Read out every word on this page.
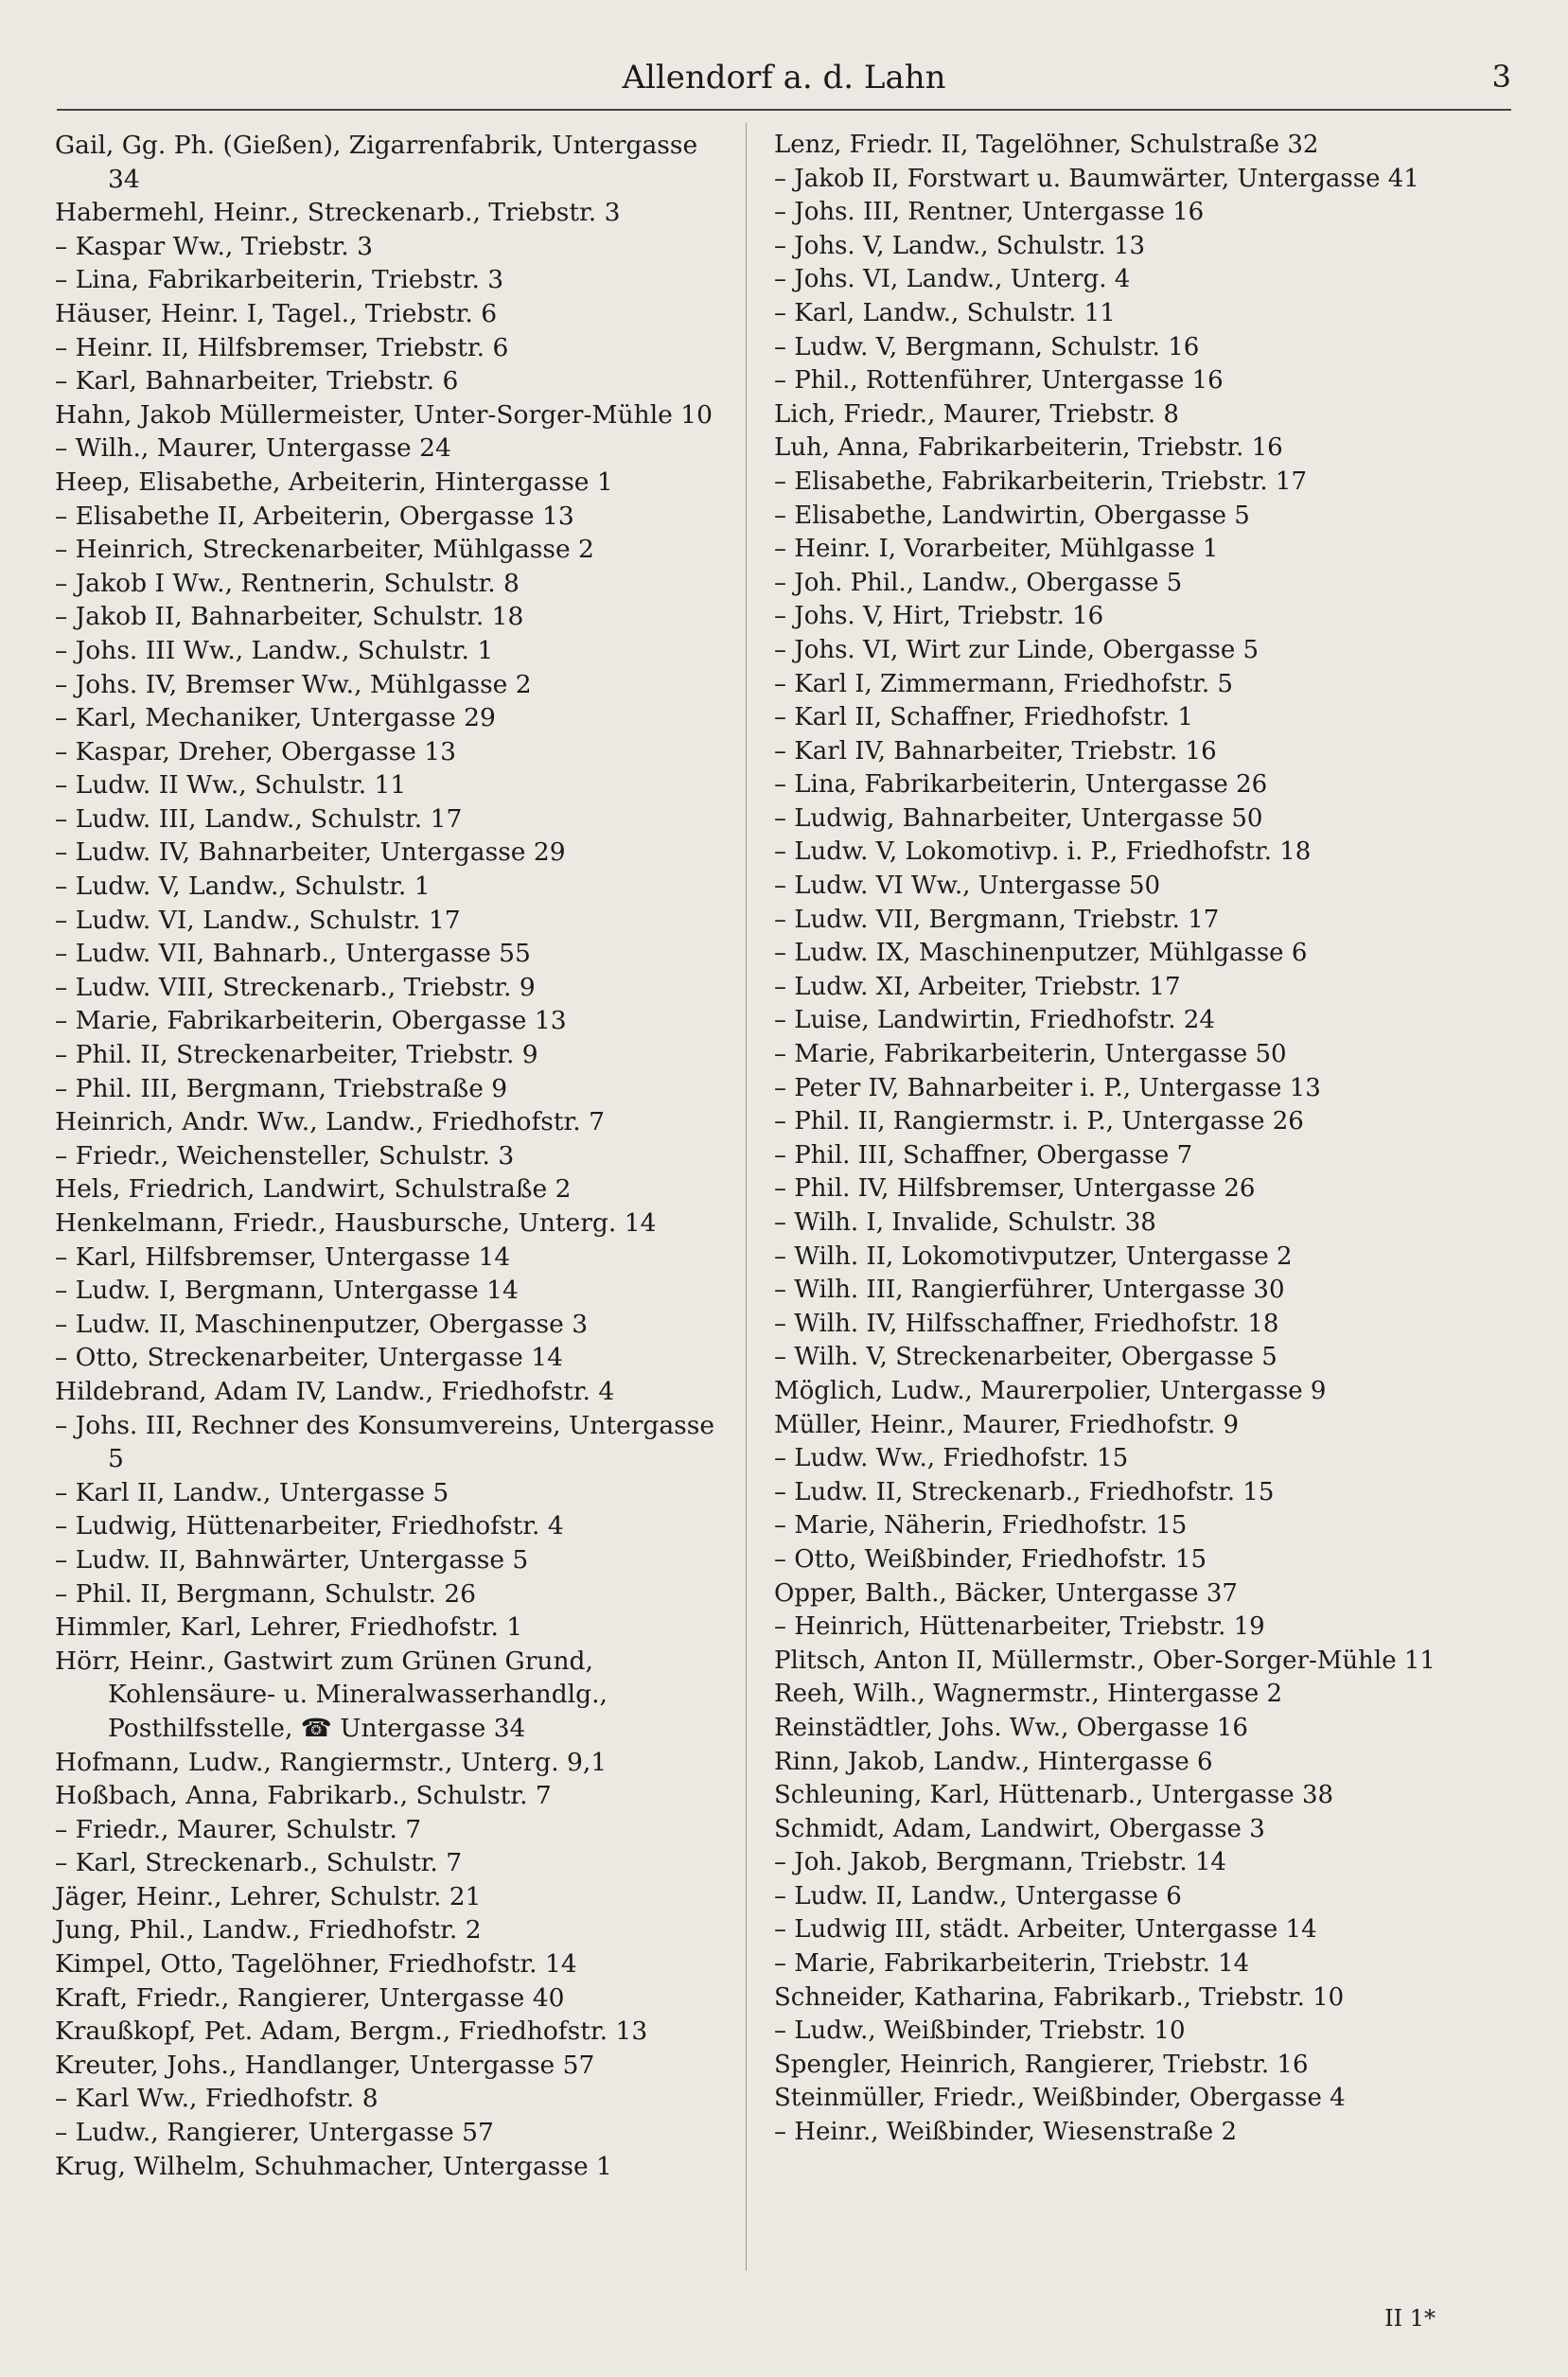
Allendorf a. d. Lahn	3
Gail, Gg. Ph. (Gießen), Zigarrenfabrik, Untergasse 34
Habermehl, Heinr., Streckenarb., Triebstr. 3
– Kaspar Ww., Triebstr. 3
– Lina, Fabrikarbeiterin, Triebstr. 3
Häuser, Heinr. I, Tagel., Triebstr. 6
– Heinr. II, Hilfsbremser, Triebstr. 6
– Karl, Bahnarbeiter, Triebstr. 6
Hahn, Jakob Müllermeister, Unter-Sorger-Mühle 10
– Wilh., Maurer, Untergasse 24
Heep, Elisabethe, Arbeiterin, Hintergasse 1
– Elisabethe II, Arbeiterin, Obergasse 13
– Heinrich, Streckenarbeiter, Mühlgasse 2
– Jakob I Ww., Rentnerin, Schulstr. 8
– Jakob II, Bahnarbeiter, Schulstr. 18
– Johs. III Ww., Landw., Schulstr. 1
– Johs. IV, Bremser Ww., Mühlgasse 2
– Karl, Mechaniker, Untergasse 29
– Kaspar, Dreher, Obergasse 13
– Ludw. II Ww., Schulstr. 11
– Ludw. III, Landw., Schulstr. 17
– Ludw. IV, Bahnarbeiter, Untergasse 29
– Ludw. V, Landw., Schulstr. 1
– Ludw. VI, Landw., Schulstr. 17
– Ludw. VII, Bahnarb., Untergasse 55
– Ludw. VIII, Streckenarb., Triebstr. 9
– Marie, Fabrikarbeiterin, Obergasse 13
– Phil. II, Streckenarbeiter, Triebstr. 9
– Phil. III, Bergmann, Triebstraße 9
Heinrich, Andr. Ww., Landw., Friedhofstr. 7
– Friedr., Weichensteller, Schulstr. 3
Hels, Friedrich, Landwirt, Schulstraße 2
Henkelmann, Friedr., Hausbursche, Unterg. 14
– Karl, Hilfsbremser, Untergasse 14
– Ludw. I, Bergmann, Untergasse 14
– Ludw. II, Maschinenputzer, Obergasse 3
– Otto, Streckenarbeiter, Untergasse 14
Hildebrand, Adam IV, Landw., Friedhofstr. 4
– Johs. III, Rechner des Konsumvereins, Untergasse 5
– Karl II, Landw., Untergasse 5
– Ludwig, Hüttenarbeiter, Friedhofstr. 4
– Ludw. II, Bahnwärter, Untergasse 5
– Phil. II, Bergmann, Schulstr. 26
Himmler, Karl, Lehrer, Friedhofstr. 1
Hörr, Heinr., Gastwirt zum Grünen Grund, Kohlensäure- u. Mineralwasserhandlg., Posthilfsstelle, ☎ Untergasse 34
Hofmann, Ludw., Rangiermstr., Unterg. 9,1
Hoßbach, Anna, Fabrikarb., Schulstr. 7
– Friedr., Maurer, Schulstr. 7
– Karl, Streckenarb., Schulstr. 7
Jäger, Heinr., Lehrer, Schulstr. 21
Jung, Phil., Landw., Friedhofstr. 2
Kimpel, Otto, Tagelöhner, Friedhofstr. 14
Kraft, Friedr., Rangierer, Untergasse 40
Kraußkopf, Pet. Adam, Bergm., Friedhofstr. 13
Kreuter, Johs., Handlanger, Untergasse 57
– Karl Ww., Friedhofstr. 8
– Ludw., Rangierer, Untergasse 57
Krug, Wilhelm, Schuhmacher, Untergasse 1
Lenz, Friedr. II, Tagelöhner, Schulstraße 32
– Jakob II, Forstwart u. Baumwärter, Untergasse 41
– Johs. III, Rentner, Untergasse 16
– Johs. V, Landw., Schulstr. 13
– Johs. VI, Landw., Unterg. 4
– Karl, Landw., Schulstr. 11
– Ludw. V, Bergmann, Schulstr. 16
– Phil., Rottenführer, Untergasse 16
Lich, Friedr., Maurer, Triebstr. 8
Luh, Anna, Fabrikarbeiterin, Triebstr. 16
– Elisabethe, Fabrikarbeiterin, Triebstr. 17
– Elisabethe, Landwirtin, Obergasse 5
– Heinr. I, Vorarbeiter, Mühlgasse 1
– Joh. Phil., Landw., Obergasse 5
– Johs. V, Hirt, Triebstr. 16
– Johs. VI, Wirt zur Linde, Obergasse 5
– Karl I, Zimmermann, Friedhofstr. 5
– Karl II, Schaffner, Friedhofstr. 1
– Karl IV, Bahnarbeiter, Triebstr. 16
– Lina, Fabrikarbeiterin, Untergasse 26
– Ludwig, Bahnarbeiter, Untergasse 50
– Ludw. V, Lokomotivp. i. P., Friedhofstr. 18
– Ludw. VI Ww., Untergasse 50
– Ludw. VII, Bergmann, Triebstr. 17
– Ludw. IX, Maschinenputzer, Mühlgasse 6
– Ludw. XI, Arbeiter, Triebstr. 17
– Luise, Landwirtin, Friedhofstr. 24
– Marie, Fabrikarbeiterin, Untergasse 50
– Peter IV, Bahnarbeiter i. P., Untergasse 13
– Phil. II, Rangiermstr. i. P., Untergasse 26
– Phil. III, Schaffner, Obergasse 7
– Phil. IV, Hilfsbremser, Untergasse 26
– Wilh. I, Invalide, Schulstr. 38
– Wilh. II, Lokomotivputzer, Untergasse 2
– Wilh. III, Rangierführer, Untergasse 30
– Wilh. IV, Hilfsschaffner, Friedhofstr. 18
– Wilh. V, Streckenarbeiter, Obergasse 5
Möglich, Ludw., Maurerpolier, Untergasse 9
Müller, Heinr., Maurer, Friedhofstr. 9
– Ludw. Ww., Friedhofstr. 15
– Ludw. II, Streckenarb., Friedhofstr. 15
– Marie, Näherin, Friedhofstr. 15
– Otto, Weißbinder, Friedhofstr. 15
Opper, Balth., Bäcker, Untergasse 37
– Heinrich, Hüttenarbeiter, Triebstr. 19
Plitsch, Anton II, Müllermstr., Ober-Sorger-Mühle 11
Reeh, Wilh., Wagnermstr., Hintergasse 2
Reinstädtler, Johs. Ww., Obergasse 16
Rinn, Jakob, Landw., Hintergasse 6
Schleuning, Karl, Hüttenarb., Untergasse 38
Schmidt, Adam, Landwirt, Obergasse 3
– Joh. Jakob, Bergmann, Triebstr. 14
– Ludw. II, Landw., Untergasse 6
– Ludwig III, städt. Arbeiter, Untergasse 14
– Marie, Fabrikarbeiterin, Triebstr. 14
Schneider, Katharina, Fabrikarb., Triebstr. 10
– Ludw., Weißbinder, Triebstr. 10
Spengler, Heinrich, Rangierer, Triebstr. 16
Steinmüller, Friedr., Weißbinder, Obergasse 4
– Heinr., Weißbinder, Wiesenstraße 2
II 1*
